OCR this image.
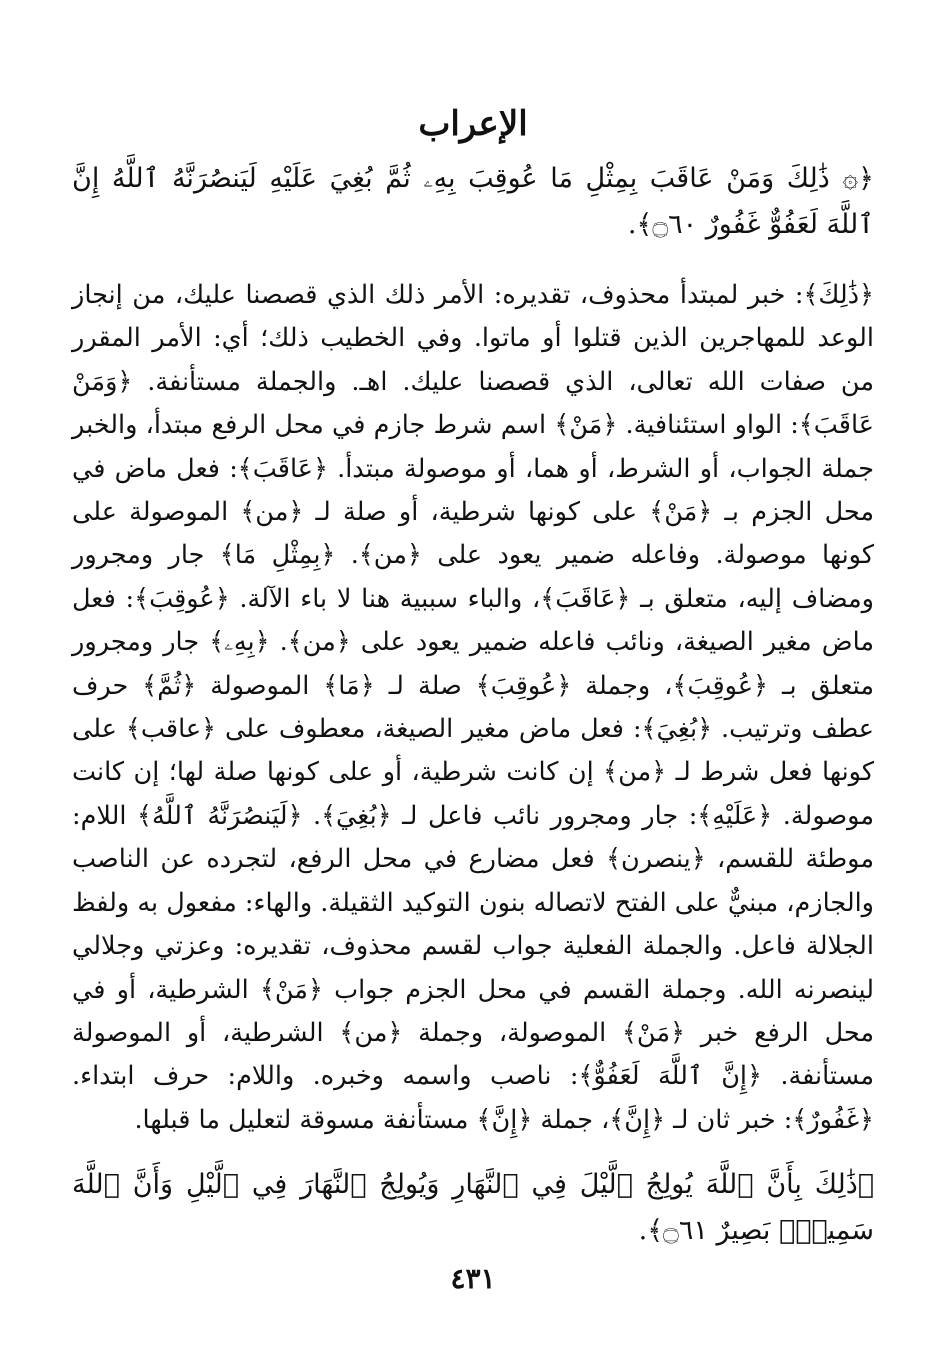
الإعراب

﴿۞ ذَٰلِكَ وَمَنْ عَاقَبَ بِمِثْلِ مَا عُوقِبَ بِهِۦ ثُمَّ بُغِيَ عَلَيْهِ لَيَنصُرَنَّهُ ٱللَّهُ إِنَّ ٱللَّهَ لَعَفُوٌّ غَفُورٌ ۝٦٠﴾.

﴿ذَٰلِكَ﴾: خبر لمبتدأ محذوف، تقديره: الأمر ذلك الذي قصصنا عليك، من إنجاز الوعد للمهاجرين الذين قتلوا أو ماتوا. وفي الخطيب ذلك؛ أي: الأمر المقرر من صفات الله تعالى، الذي قصصنا عليك. اهـ. والجملة مستأنفة. ﴿وَمَنْ عَاقَبَ﴾: الواو استئنافية. ﴿مَنْ﴾ اسم شرط جازم في محل الرفع مبتدأ، والخبر جملة الجواب، أو الشرط، أو هما، أو موصولة مبتدأ. ﴿عَاقَبَ﴾: فعل ماض في محل الجزم بـ ﴿مَنْ﴾ على كونها شرطية، أو صلة لـ ﴿من﴾ الموصولة على كونها موصولة. وفاعله ضمير يعود على ﴿من﴾. ﴿بِمِثْلِ مَا﴾ جار ومجرور ومضاف إليه، متعلق بـ ﴿عَاقَبَ﴾، والباء سببية هنا لا باء الآلة. ﴿عُوقِبَ﴾: فعل ماض مغير الصيغة، ونائب فاعله ضمير يعود على ﴿من﴾. ﴿بِهِۦ﴾ جار ومجرور متعلق بـ ﴿عُوقِبَ﴾، وجملة ﴿عُوقِبَ﴾ صلة لـ ﴿مَا﴾ الموصولة ﴿ثُمَّ﴾ حرف عطف وترتيب. ﴿بُغِيَ﴾: فعل ماض مغير الصيغة، معطوف على ﴿عاقب﴾ على كونها فعل شرط لـ ﴿من﴾ إن كانت شرطية، أو على كونها صلة لها؛ إن كانت موصولة. ﴿عَلَيْهِ﴾: جار ومجرور نائب فاعل لـ ﴿بُغِيَ﴾. ﴿لَيَنصُرَنَّهُ ٱللَّهُ﴾ اللام: موطئة للقسم، ﴿ينصرن﴾ فعل مضارع في محل الرفع، لتجرده عن الناصب والجازم، مبنيٌّ على الفتح لاتصاله بنون التوكيد الثقيلة. والهاء: مفعول به ولفظ الجلالة فاعل. والجملة الفعلية جواب لقسم محذوف، تقديره: وعزتي وجلالي لينصرنه الله. وجملة القسم في محل الجزم جواب ﴿مَنْ﴾ الشرطية، أو في محل الرفع خبر ﴿مَنْ﴾ الموصولة، وجملة ﴿من﴾ الشرطية، أو الموصولة مستأنفة. ﴿إِنَّ ٱللَّهَ لَعَفُوٌّ﴾: ناصب واسمه وخبره. واللام: حرف ابتداء. ﴿غَفُورٌ﴾: خبر ثان لـ ﴿إِنَّ﴾، جملة ﴿إِنَّ﴾ مستأنفة مسوقة لتعليل ما قبلها.

﴿ذَٰلِكَ بِأَنَّ ٱللَّهَ يُولِجُ ٱلَّيْلَ فِي ٱلنَّهَارِ وَيُولِجُ ٱلنَّهَارَ فِي ٱلَّيْلِ وَأَنَّ ٱللَّهَ سَمِيعٌۢ بَصِيرٌ ۝٦١﴾.

٤٣١
